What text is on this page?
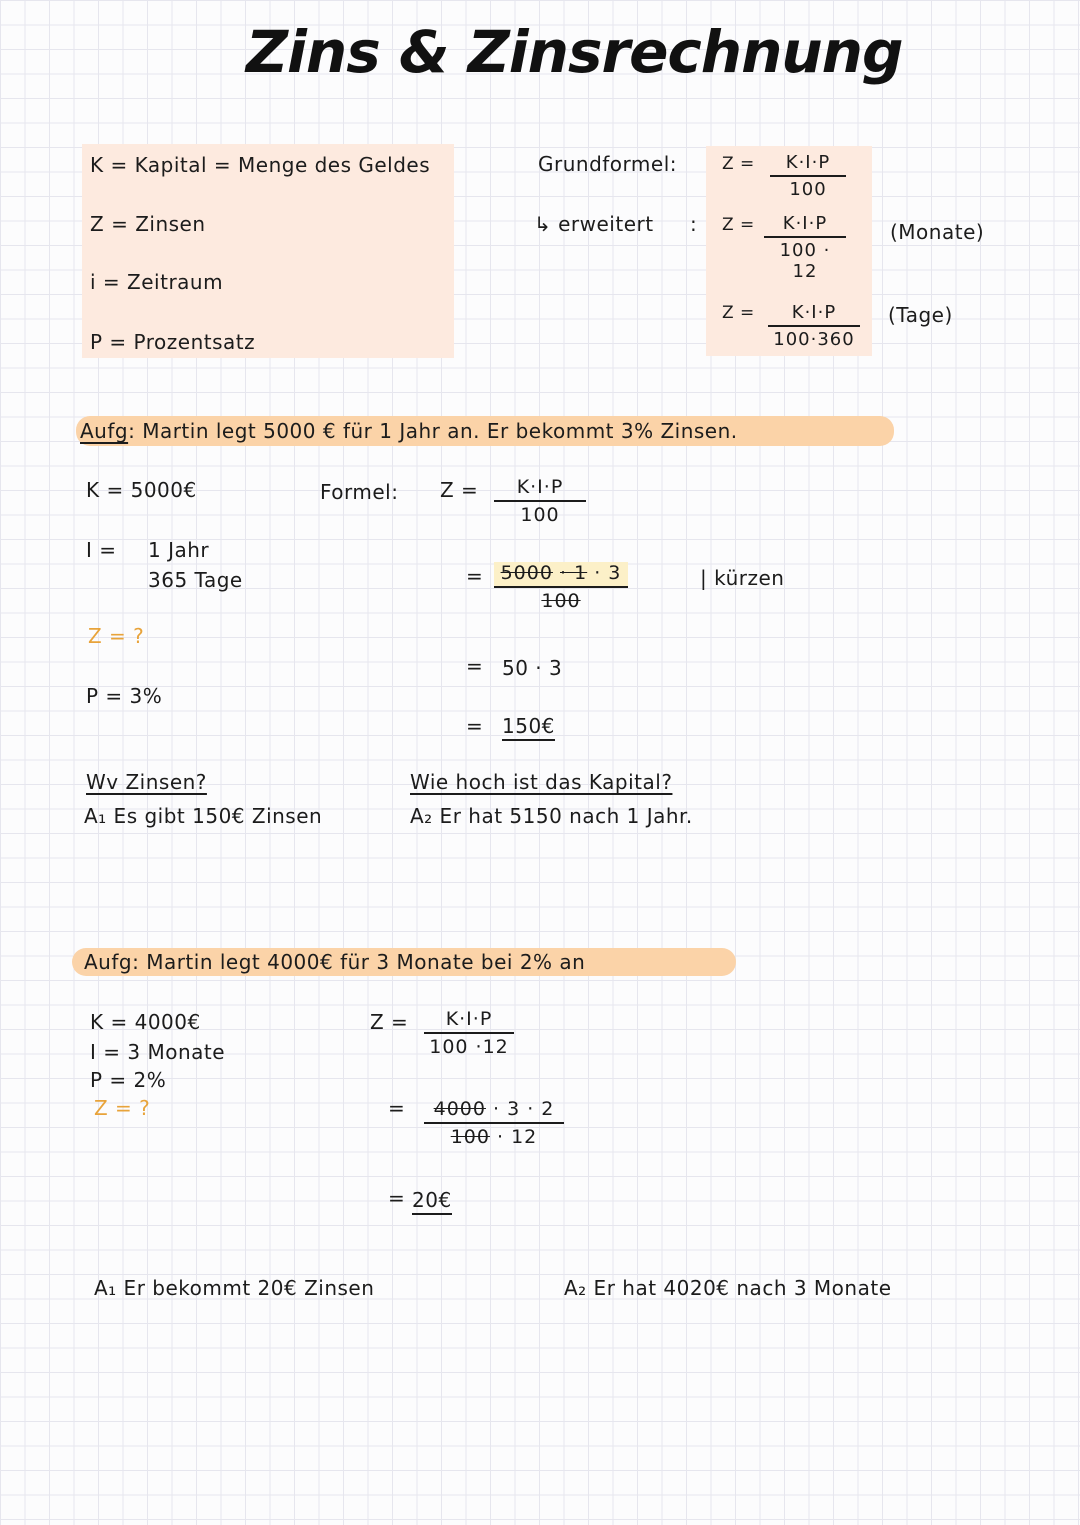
Zins & Zinsrechnung
K = Kapital = Menge des Geldes
Z = Zinsen
i = Zeitraum
P = Prozentsatz
Grundformel:
↳ erweitert :
$Z = \frac{K\cdot I\cdot P}{100}$
$Z = \frac{K\cdot I\cdot P}{100 \cdot 12}$ (Monate)
$Z = \frac{K\cdot I\cdot P}{100\cdot 360}$ (Tage)
Aufg: Martin legt 5000 € für 1 Jahr an. Er bekommt 3% Zinsen.
K = 5000€
I = 1 Jahr
365 Tage
Z = ?
P = 3%
Formel: $Z = \frac{K\cdot I\cdot P}{100}$
= $\frac{5000 \cdot 1 \cdot 3}{100}$	| kürzen
= 50 · 3
= 150€
Wv Zinsen?
A₁ Es gibt 150€ Zinsen
Wie hoch ist das Kapital?
A₂ Er hat 5150 nach 1 Jahr.
Aufg: Martin legt 4000€ für 3 Monate bei 2% an
K = 4000€
I = 3 Monate
P = 2%
Z = ?
$Z = \frac{K\cdot I\cdot P}{100 \cdot 12}$
= $\frac{4000 \cdot 3 \cdot 2}{100 \cdot 12}$
= 20€
A₁ Er bekommt 20€ Zinsen	A₂ Er hat 4020€ nach 3 Monate
